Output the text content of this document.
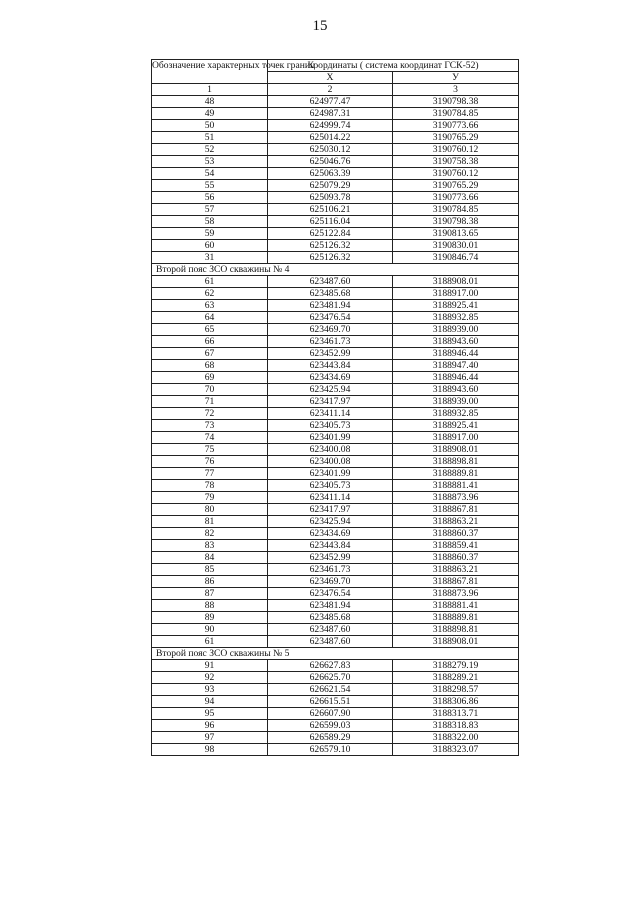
15
Обозначение характерных точек границ	Координаты ( система координат ГСК-52)	
	X	У
1	2	3
48	624977.47	3190798.38
49	624987.31	3190784.85
50	624999.74	3190773.66
51	625014.22	3190765.29
52	625030.12	3190760.12
53	625046.76	3190758.38
54	625063.39	3190760.12
55	625079.29	3190765.29
56	625093.78	3190773.66
57	625106.21	3190784.85
58	625116.04	3190798.38
59	625122.84	3190813.65
60	625126.32	3190830.01
31	625126.32	3190846.74
Второй пояс ЗСО скважины № 4		
61	623487.60	3188908.01
62	623485.68	3188917.00
63	623481.94	3188925.41
64	623476.54	3188932.85
65	623469.70	3188939.00
66	623461.73	3188943.60
67	623452.99	3188946.44
68	623443.84	3188947.40
69	623434.69	3188946.44
70	623425.94	3188943.60
71	623417.97	3188939.00
72	623411.14	3188932.85
73	623405.73	3188925.41
74	623401.99	3188917.00
75	623400.08	3188908.01
76	623400.08	3188898.81
77	623401.99	3188889.81
78	623405.73	3188881.41
79	623411.14	3188873.96
80	623417.97	3188867.81
81	623425.94	3188863.21
82	623434.69	3188860.37
83	623443.84	3188859.41
84	623452.99	3188860.37
85	623461.73	3188863.21
86	623469.70	3188867.81
87	623476.54	3188873.96
88	623481.94	3188881.41
89	623485.68	3188889.81
90	623487.60	3188898.81
61	623487.60	3188908.01
Второй пояс ЗСО скважины № 5		
91	626627.83	3188279.19
92	626625.70	3188289.21
93	626621.54	3188298.57
94	626615.51	3188306.86
95	626607.90	3188313.71
96	626599.03	3188318.83
97	626589.29	3188322.00
98	626579.10	3188323.07
